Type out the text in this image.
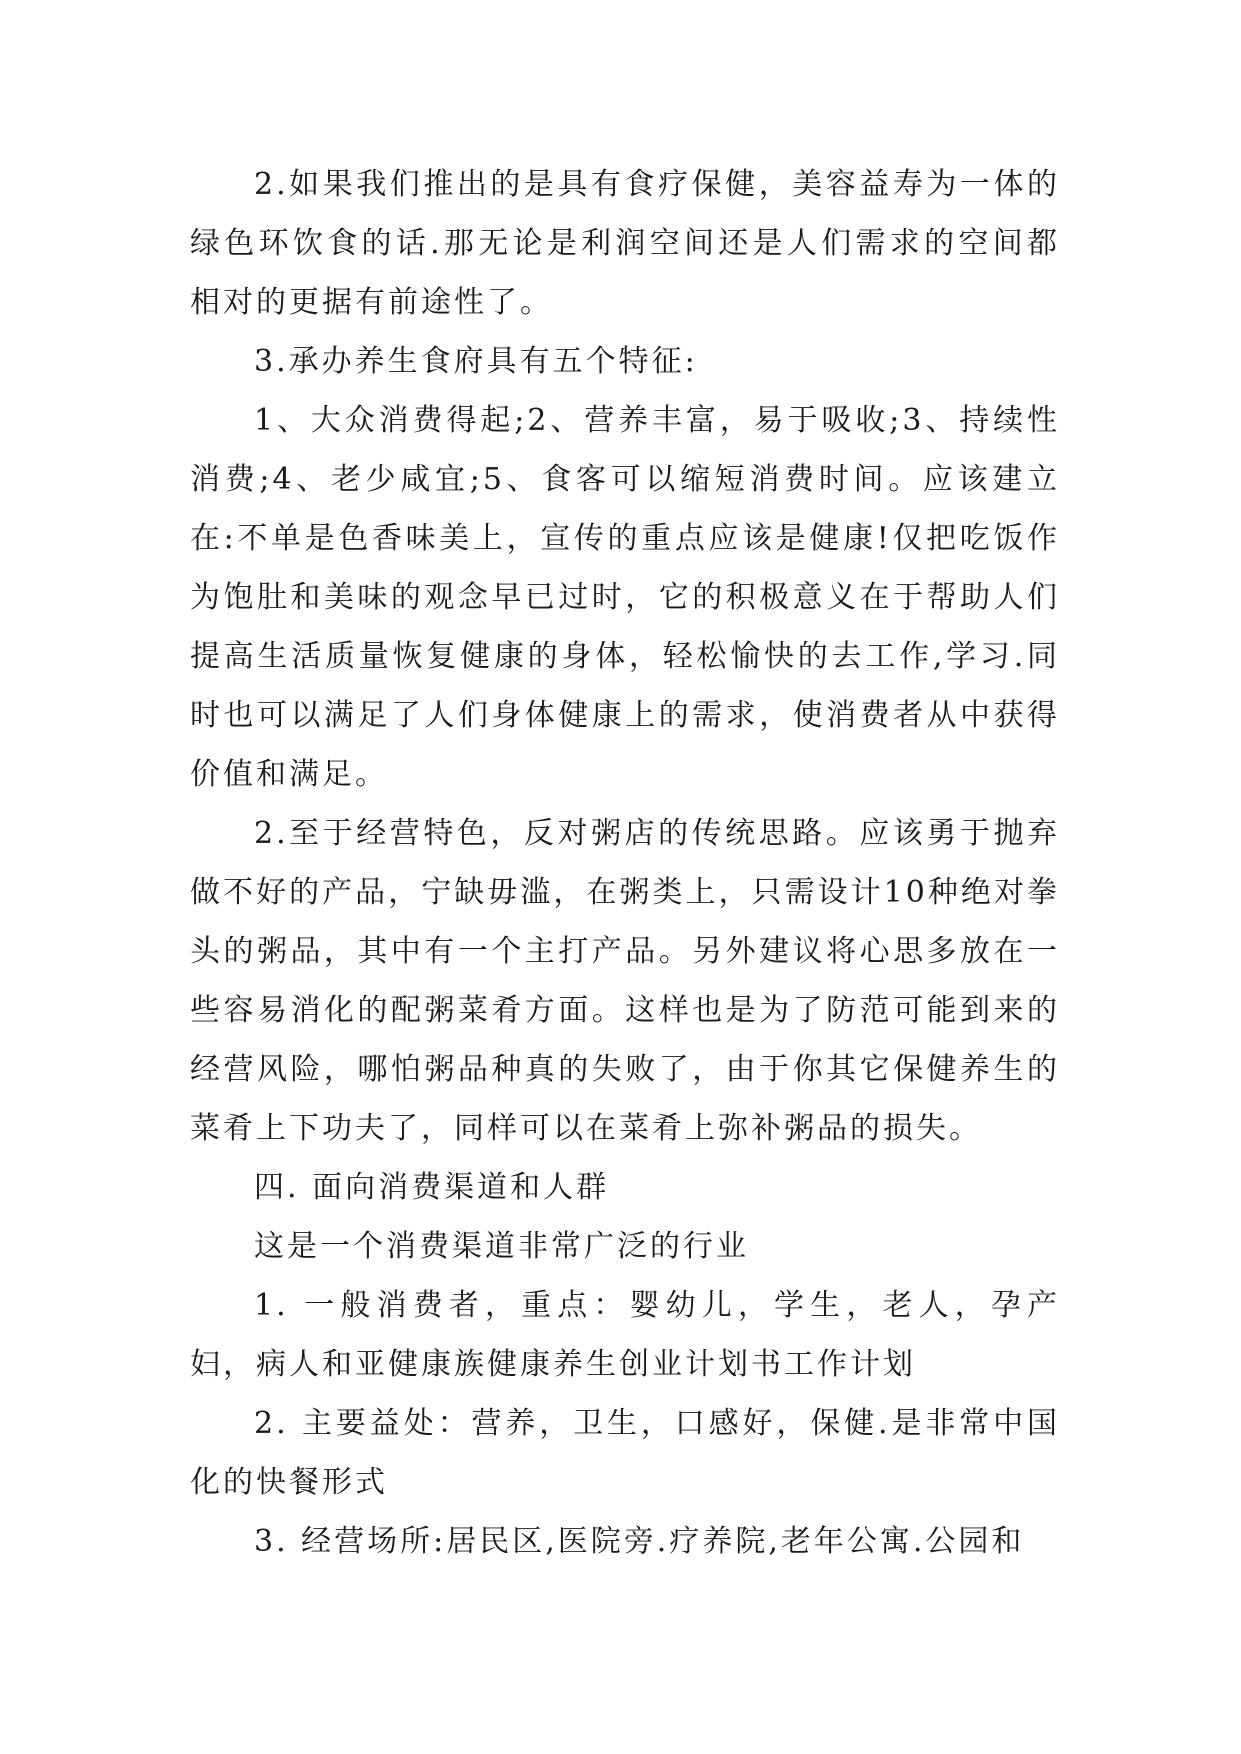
2.如果我们推出的是具有食疗保健，美容益寿为一体的绿色环饮食的话.那无论是利润空间还是人们需求的空间都相对的更据有前途性了。

3.承办养生食府具有五个特征:

1、大众消费得起;2、营养丰富，易于吸收;3、持续性消费;4、老少咸宜;5、食客可以缩短消费时间。应该建立在:不单是色香味美上，宣传的重点应该是健康!仅把吃饭作为饱肚和美味的观念早已过时，它的积极意义在于帮助人们提高生活质量恢复健康的身体，轻松愉快的去工作,学习.同时也可以满足了人们身体健康上的需求，使消费者从中获得价值和满足。

2.至于经营特色，反对粥店的传统思路。应该勇于抛弃做不好的产品，宁缺毋滥，在粥类上，只需设计10种绝对拳头的粥品，其中有一个主打产品。另外建议将心思多放在一些容易消化的配粥菜肴方面。这样也是为了防范可能到来的经营风险，哪怕粥品种真的失败了，由于你其它保健养生的菜肴上下功夫了，同样可以在菜肴上弥补粥品的损失。

四. 面向消费渠道和人群

这是一个消费渠道非常广泛的行业

1. 一般消费者，重点：婴幼儿，学生，老人，孕产妇，病人和亚健康族健康养生创业计划书工作计划

2. 主要益处：营养，卫生，口感好，保健.是非常中国化的快餐形式

3. 经营场所:居民区,医院旁.疗养院,老年公寓.公园和
